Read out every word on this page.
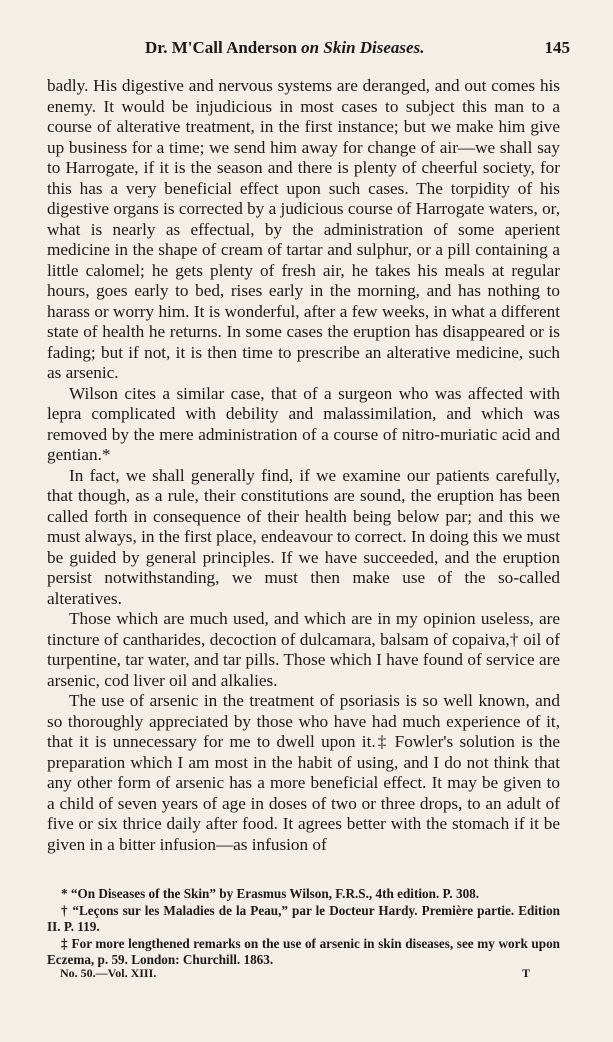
Dr. M'Call Anderson on Skin Diseases.	145

badly. His digestive and nervous systems are deranged, and out comes his enemy. It would be injudicious in most cases to subject this man to a course of alterative treatment, in the first instance; but we make him give up business for a time; we send him away for change of air—we shall say to Harrogate, if it is the season and there is plenty of cheerful society, for this has a very beneficial effect upon such cases. The torpidity of his digestive organs is corrected by a judicious course of Harrogate waters, or, what is nearly as effectual, by the administration of some aperient medicine in the shape of cream of tartar and sulphur, or a pill containing a little calomel; he gets plenty of fresh air, he takes his meals at regular hours, goes early to bed, rises early in the morning, and has nothing to harass or worry him. It is wonderful, after a few weeks, in what a different state of health he returns. In some cases the eruption has disappeared or is fading; but if not, it is then time to prescribe an alterative medicine, such as arsenic.

Wilson cites a similar case, that of a surgeon who was affected with lepra complicated with debility and malassimilation, and which was removed by the mere administration of a course of nitro-muriatic acid and gentian.*

In fact, we shall generally find, if we examine our patients carefully, that though, as a rule, their constitutions are sound, the eruption has been called forth in consequence of their health being below par; and this we must always, in the first place, endeavour to correct. In doing this we must be guided by general principles. If we have succeeded, and the eruption persist notwithstanding, we must then make use of the so-called alteratives.

Those which are much used, and which are in my opinion useless, are tincture of cantharides, decoction of dulcamara, balsam of copaiva,† oil of turpentine, tar water, and tar pills. Those which I have found of service are arsenic, cod liver oil and alkalies.

The use of arsenic in the treatment of psoriasis is so well known, and so thoroughly appreciated by those who have had much experience of it, that it is unnecessary for me to dwell upon it.‡ Fowler's solution is the preparation which I am most in the habit of using, and I do not think that any other form of arsenic has a more beneficial effect. It may be given to a child of seven years of age in doses of two or three drops, to an adult of five or six thrice daily after food. It agrees better with the stomach if it be given in a bitter infusion—as infusion of

* “On Diseases of the Skin” by Erasmus Wilson, F.R.S., 4th edition. P. 308.

† “Leçons sur les Maladies de la Peau,” par le Docteur Hardy. Première partie. Edition II. P. 119.

‡ For more lengthened remarks on the use of arsenic in skin diseases, see my work upon Eczema, p. 59. London: Churchill. 1863.

No. 50.—Vol. XIII.	T
